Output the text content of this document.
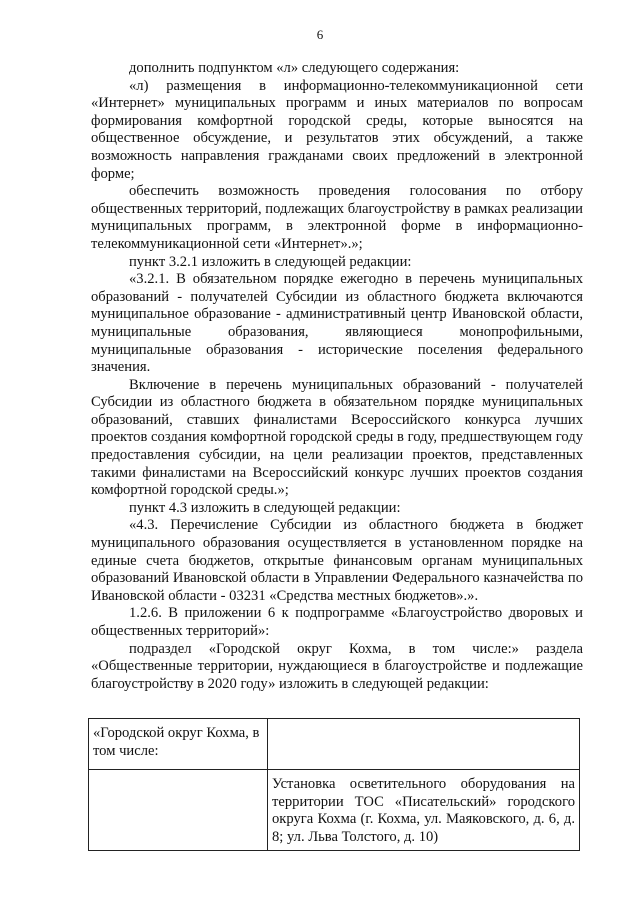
6

дополнить подпунктом «л» следующего содержания:

«л) размещения в информационно-телекоммуникационной сети «Интернет» муниципальных программ и иных материалов по вопросам формирования комфортной городской среды, которые выносятся на общественное обсуждение, и результатов этих обсуждений, а также возможность направления гражданами своих предложений в электронной форме;

обеспечить возможность проведения голосования по отбору общественных территорий, подлежащих благоустройству в рамках реализации муниципальных программ, в электронной форме в информационно-телекоммуникационной сети «Интернет».»;

пункт 3.2.1 изложить в следующей редакции:

«3.2.1. В обязательном порядке ежегодно в перечень муниципальных образований - получателей Субсидии из областного бюджета включаются муниципальное образование - административный центр Ивановской области, муниципальные образования, являющиеся монопрофильными, муниципальные образования - исторические поселения федерального значения.

Включение в перечень муниципальных образований - получателей Субсидии из областного бюджета в обязательном порядке муниципальных образований, ставших финалистами Всероссийского конкурса лучших проектов создания комфортной городской среды в году, предшествующем году предоставления субсидии, на цели реализации проектов, представленных такими финалистами на Всероссийский конкурс лучших проектов создания комфортной городской среды.»;

пункт 4.3 изложить в следующей редакции:

«4.3. Перечисление Субсидии из областного бюджета в бюджет муниципального образования осуществляется в установленном порядке на единые счета бюджетов, открытые финансовым органам муниципальных образований Ивановской области в Управлении Федерального казначейства по Ивановской области - 03231 «Средства местных бюджетов».».

1.2.6. В приложении 6 к подпрограмме «Благоустройство дворовых и общественных территорий»:

подраздел «Городской округ Кохма, в том числе:» раздела «Общественные территории, нуждающиеся в благоустройстве и подлежащие благоустройству в 2020 году» изложить в следующей редакции:

«Городской округ Кохма, в том числе:	
	Установка осветительного оборудования на территории ТОС «Писательский» городского округа Кохма (г. Кохма, ул. Маяковского, д. 6, д. 8; ул. Льва Толстого, д. 10)
